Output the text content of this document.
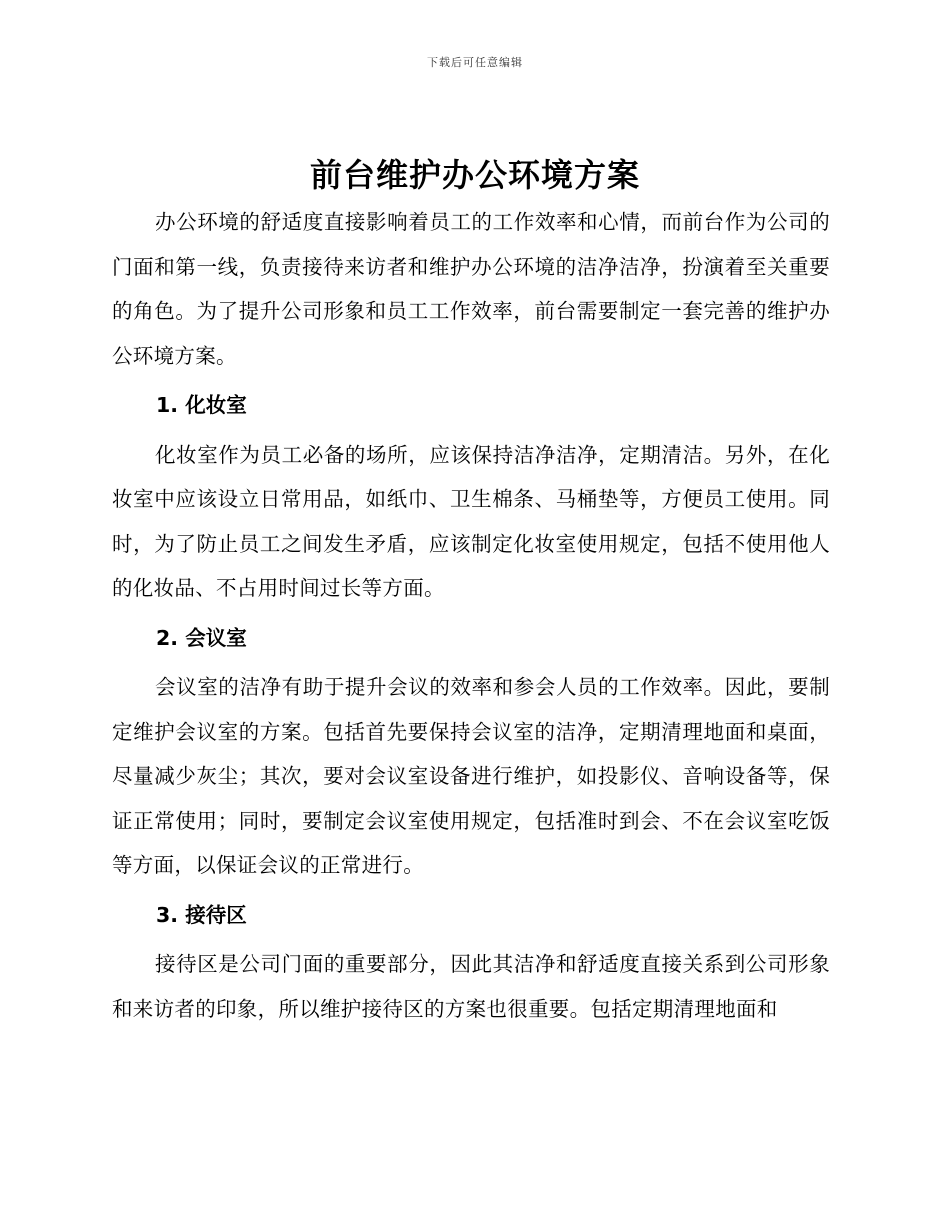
下载后可任意编辑
前台维护办公环境方案

办公环境的舒适度直接影响着员工的工作效率和心情，而前台作为公司的门面和第一线，负责接待来访者和维护办公环境的洁净洁净，扮演着至关重要的角色。为了提升公司形象和员工工作效率，前台需要制定一套完善的维护办公环境方案。

1. 化妆室

化妆室作为员工必备的场所，应该保持洁净洁净，定期清洁。另外，在化妆室中应该设立日常用品，如纸巾、卫生棉条、马桶垫等，方便员工使用。同时，为了防止员工之间发生矛盾，应该制定化妆室使用规定，包括不使用他人的化妆品、不占用时间过长等方面。

2. 会议室

会议室的洁净有助于提升会议的效率和参会人员的工作效率。因此，要制定维护会议室的方案。包括首先要保持会议室的洁净，定期清理地面和桌面，尽量减少灰尘；其次，要对会议室设备进行维护，如投影仪、音响设备等，保证正常使用；同时，要制定会议室使用规定，包括准时到会、不在会议室吃饭等方面，以保证会议的正常进行。

3. 接待区

接待区是公司门面的重要部分，因此其洁净和舒适度直接关系到公司形象和来访者的印象，所以维护接待区的方案也很重要。包括定期清理地面和
